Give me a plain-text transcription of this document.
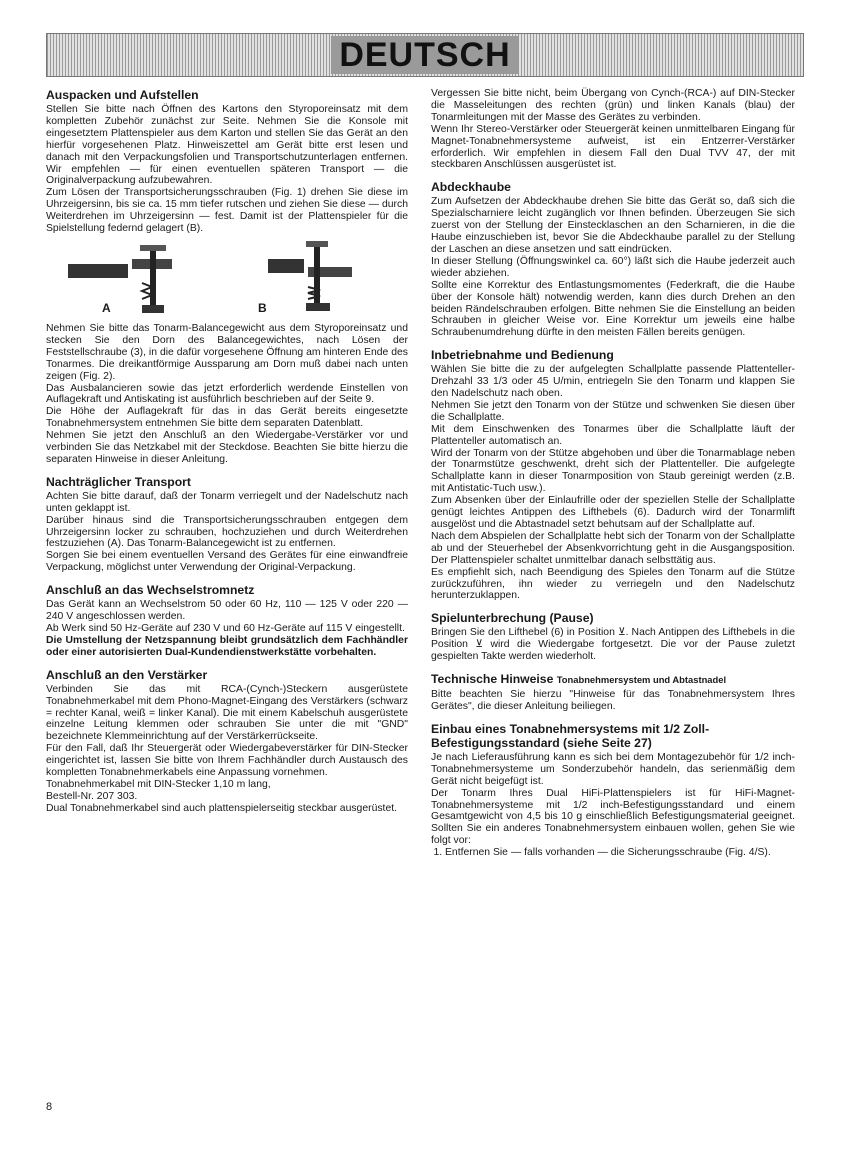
DEUTSCH
Auspacken und Aufstellen

Stellen Sie bitte nach Öffnen des Kartons den Styroporeinsatz mit dem kompletten Zubehör zunächst zur Seite. Nehmen Sie die Konsole mit eingesetztem Plattenspieler aus dem Karton und stellen Sie das Gerät an den hierfür vorgesehenen Platz. Hinweiszettel am Gerät bitte erst lesen und danach mit den Verpackungsfolien und Transportschutzunterlagen entfernen. Wir empfehlen — für einen eventuellen späteren Transport — die Originalverpackung aufzubewahren.

Zum Lösen der Transportsicherungsschrauben (Fig. 1) drehen Sie diese im Uhrzeigersinn, bis sie ca. 15 mm tiefer rutschen und ziehen Sie diese — durch Weiterdrehen im Uhrzeigersinn — fest. Damit ist der Plattenspieler für die Spielstellung federnd gelagert (B).

A	B

Nehmen Sie bitte das Tonarm-Balancegewicht aus dem Styroporeinsatz und stecken Sie den Dorn des Balancegewichtes, nach Lösen der Feststellschraube (3), in die dafür vorgesehene Öffnung am hinteren Ende des Tonarmes. Die dreikantförmige Aussparung am Dorn muß dabei nach unten zeigen (Fig. 2).

Das Ausbalancieren sowie das jetzt erforderlich werdende Einstellen von Auflagekraft und Antiskating ist ausführlich beschrieben auf der Seite 9.

Die Höhe der Auflagekraft für das in das Gerät bereits eingesetzte Tonabnehmersystem entnehmen Sie bitte dem separaten Datenblatt.

Nehmen Sie jetzt den Anschluß an den Wiedergabe-Verstärker vor und verbinden Sie das Netzkabel mit der Steckdose. Beachten Sie bitte hierzu die separaten Hinweise in dieser Anleitung.

Nachträglicher Transport

Achten Sie bitte darauf, daß der Tonarm verriegelt und der Nadelschutz nach unten geklappt ist.

Darüber hinaus sind die Transportsicherungsschrauben entgegen dem Uhrzeigersinn locker zu schrauben, hochzuziehen und durch Weiterdrehen festzuziehen (A). Das Tonarm-Balancegewicht ist zu entfernen.

Sorgen Sie bei einem eventuellen Versand des Gerätes für eine einwandfreie Verpackung, möglichst unter Verwendung der Original-Verpackung.

Anschluß an das Wechselstromnetz

Das Gerät kann an Wechselstrom 50 oder 60 Hz, 110 — 125 V oder 220 — 240 V angeschlossen werden.

Ab Werk sind 50 Hz-Geräte auf 230 V und 60 Hz-Geräte auf 115 V eingestellt.

Die Umstellung der Netzspannung bleibt grundsätzlich dem Fachhändler oder einer autorisierten Dual-Kundendienstwerkstätte vorbehalten.

Anschluß an den Verstärker

Verbinden Sie das mit RCA-(Cynch-)Steckern ausgerüstete Tonabnehmerkabel mit dem Phono-Magnet-Eingang des Verstärkers (schwarz = rechter Kanal, weiß = linker Kanal). Die mit einem Kabelschuh ausgerüstete einzelne Leitung klemmen oder schrauben Sie unter die mit "GND" bezeichnete Klemmeinrichtung auf der Verstärkerrückseite.

Für den Fall, daß Ihr Steuergerät oder Wiedergabeverstärker für DIN-Stecker eingerichtet ist, lassen Sie bitte von Ihrem Fachhändler durch Austausch des kompletten Tonabnehmerkabels eine Anpassung vornehmen.

Tonabnehmerkabel mit DIN-Stecker 1,10 m lang,

Bestell-Nr. 207 303.

Dual Tonabnehmerkabel sind auch plattenspielerseitig steckbar ausgerüstet.

Vergessen Sie bitte nicht, beim Übergang von Cynch-(RCA-) auf DIN-Stecker die Masseleitungen des rechten (grün) und linken Kanals (blau) der Tonarmleitungen mit der Masse des Gerätes zu verbinden.

Wenn Ihr Stereo-Verstärker oder Steuergerät keinen unmittelbaren Eingang für Magnet-Tonabnehmersysteme aufweist, ist ein Entzerrer-Verstärker erforderlich. Wir empfehlen in diesem Fall den Dual TVV 47, der mit steckbaren Anschlüssen ausgerüstet ist.

Abdeckhaube

Zum Aufsetzen der Abdeckhaube drehen Sie bitte das Gerät so, daß sich die Spezialscharniere leicht zugänglich vor Ihnen befinden. Überzeugen Sie sich zuerst von der Stellung der Einstecklaschen an den Scharnieren, in die die Haube einzuschieben ist, bevor Sie die Abdeckhaube parallel zu der Stellung der Laschen an diese ansetzen und satt eindrücken.

In dieser Stellung (Öffnungswinkel ca. 60°) läßt sich die Haube jederzeit auch wieder abziehen.

Sollte eine Korrektur des Entlastungsmomentes (Federkraft, die die Haube über der Konsole hält) notwendig werden, kann dies durch Drehen an den beiden Rändelschrauben erfolgen. Bitte nehmen Sie die Einstellung an beiden Schrauben in gleicher Weise vor. Eine Korrektur um jeweils eine halbe Schraubenumdrehung dürfte in den meisten Fällen bereits genügen.

Inbetriebnahme und Bedienung

Wählen Sie bitte die zu der aufgelegten Schallplatte passende Plattenteller-Drehzahl 33 1/3 oder 45 U/min, entriegeln Sie den Tonarm und klappen Sie den Nadelschutz nach oben.

Nehmen Sie jetzt den Tonarm von der Stütze und schwenken Sie diesen über die Schallplatte.

Mit dem Einschwenken des Tonarmes über die Schallplatte läuft der Plattenteller automatisch an.

Wird der Tonarm von der Stütze abgehoben und über die Tonarmablage neben der Tonarmstütze geschwenkt, dreht sich der Plattenteller. Die aufgelegte Schallplatte kann in dieser Tonarmposition von Staub gereinigt werden (z.B. mit Antistatic-Tuch usw.).

Zum Absenken über der Einlaufrille oder der speziellen Stelle der Schallplatte genügt leichtes Antippen des Lifthebels (6). Dadurch wird der Tonarmlift ausgelöst und die Abtastnadel setzt behutsam auf der Schallplatte auf.

Nach dem Abspielen der Schallplatte hebt sich der Tonarm von der Schallplatte ab und der Steuerhebel der Absenkvorrichtung geht in die Ausgangsposition. Der Plattenspieler schaltet unmittelbar danach selbsttätig aus.

Es empfiehlt sich, nach Beendigung des Spieles den Tonarm auf die Stütze zurückzuführen, ihn wieder zu verriegeln und den Nadelschutz herunterzuklappen.

Spielunterbrechung (Pause)

Bringen Sie den Lifthebel (6) in Position ⊻. Nach Antippen des Lifthebels in die Position ⊻ wird die Wiedergabe fortgesetzt. Die vor der Pause zuletzt gespielten Takte werden wiederholt.

Technische Hinweise Tonabnehmersystem und Abtastnadel

Bitte beachten Sie hierzu "Hinweise für das Tonabnehmersystem Ihres Gerätes", die dieser Anleitung beiliegen.

Einbau eines Tonabnehmersystems mit 1/2 Zoll-Befestigungsstandard (siehe Seite 27)

Je nach Lieferausführung kann es sich bei dem Montagezubehör für 1/2 inch-Tonabnehmersysteme um Sonderzubehör handeln, das serienmäßig dem Gerät nicht beigefügt ist.

Der Tonarm Ihres Dual HiFi-Plattenspielers ist für HiFi-Magnet-Tonabnehmersysteme mit 1/2 inch-Befestigungsstandard und einem Gesamtgewicht von 4,5 bis 10 g einschließlich Befestigungsmaterial geeignet. Sollten Sie ein anderes Tonabnehmersystem einbauen wollen, gehen Sie wie folgt vor:

1. Entfernen Sie — falls vorhanden — die Sicherungsschraube (Fig. 4/S).
8
